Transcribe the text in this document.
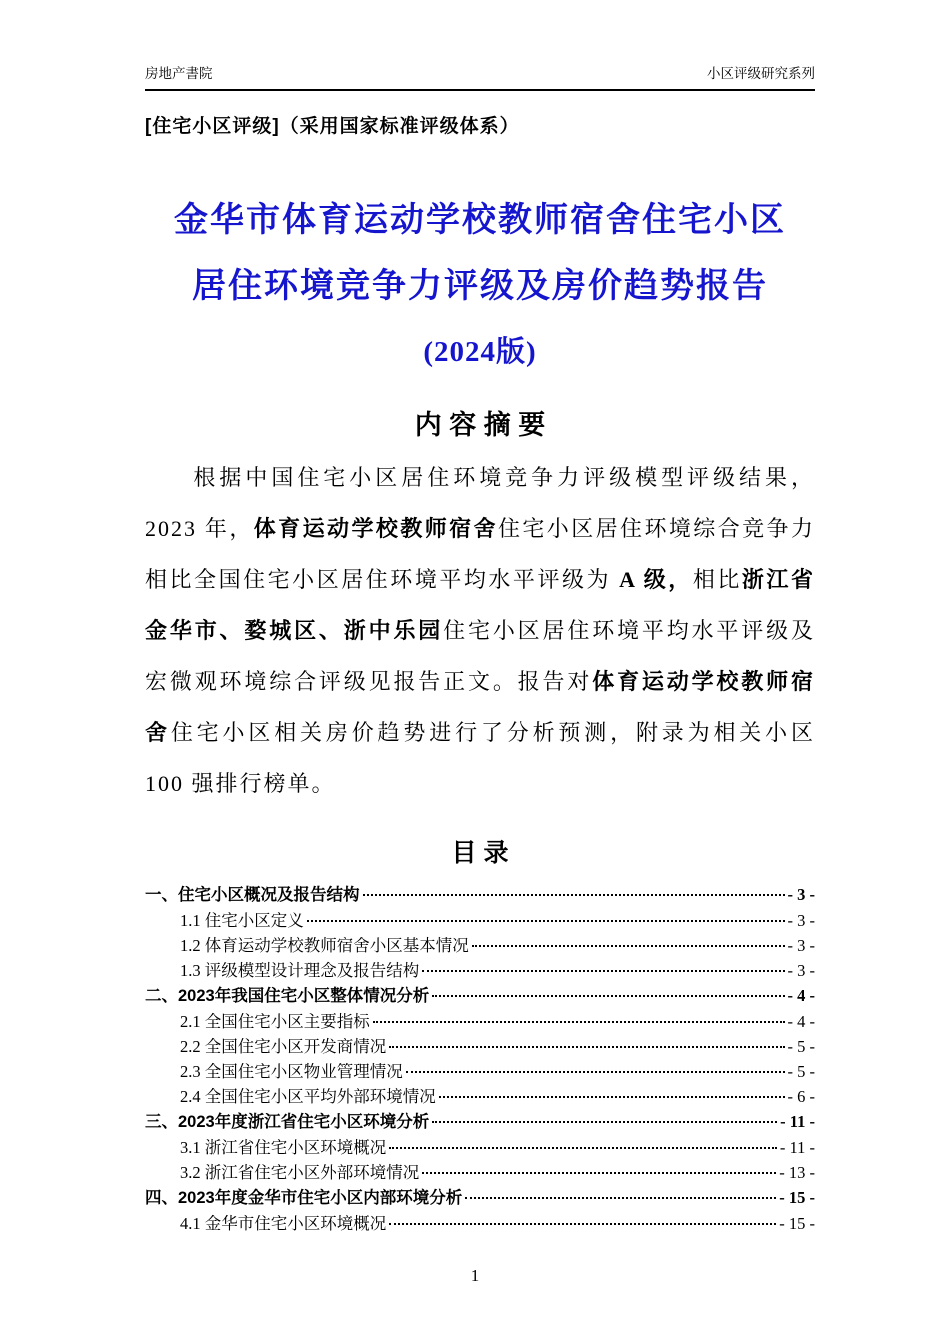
房地产書院	小区评级研究系列
[住宅小区评级]（采用国家标准评级体系）
金华市体育运动学校教师宿舍住宅小区
居住环境竞争力评级及房价趋势报告
(2024版)
内 容 摘 要
根据中国住宅小区居住环境竞争力评级模型评级结果，2023 年，体育运动学校教师宿舍住宅小区居住环境综合竞争力相比全国住宅小区居住环境平均水平评级为 A 级，相比浙江省金华市、婺城区、浙中乐园住宅小区居住环境平均水平评级及宏微观环境综合评级见报告正文。报告对体育运动学校教师宿舍住宅小区相关房价趋势进行了分析预测，附录为相关小区 100 强排行榜单。
目 录
一、住宅小区概况及报告结构	- 3 -
1.1 住宅小区定义	- 3 -
1.2 体育运动学校教师宿舍小区基本情况	- 3 -
1.3 评级模型设计理念及报告结构	- 3 -
二、2023年我国住宅小区整体情况分析	- 4 -
2.1 全国住宅小区主要指标	- 4 -
2.2 全国住宅小区开发商情况	- 5 -
2.3 全国住宅小区物业管理情况	- 5 -
2.4 全国住宅小区平均外部环境情况	- 6 -
三、2023年度浙江省住宅小区环境分析	- 11 -
3.1 浙江省住宅小区环境概况	- 11 -
3.2 浙江省住宅小区外部环境情况	- 13 -
四、2023年度金华市住宅小区内部环境分析	- 15 -
4.1 金华市住宅小区环境概况	- 15 -
1
